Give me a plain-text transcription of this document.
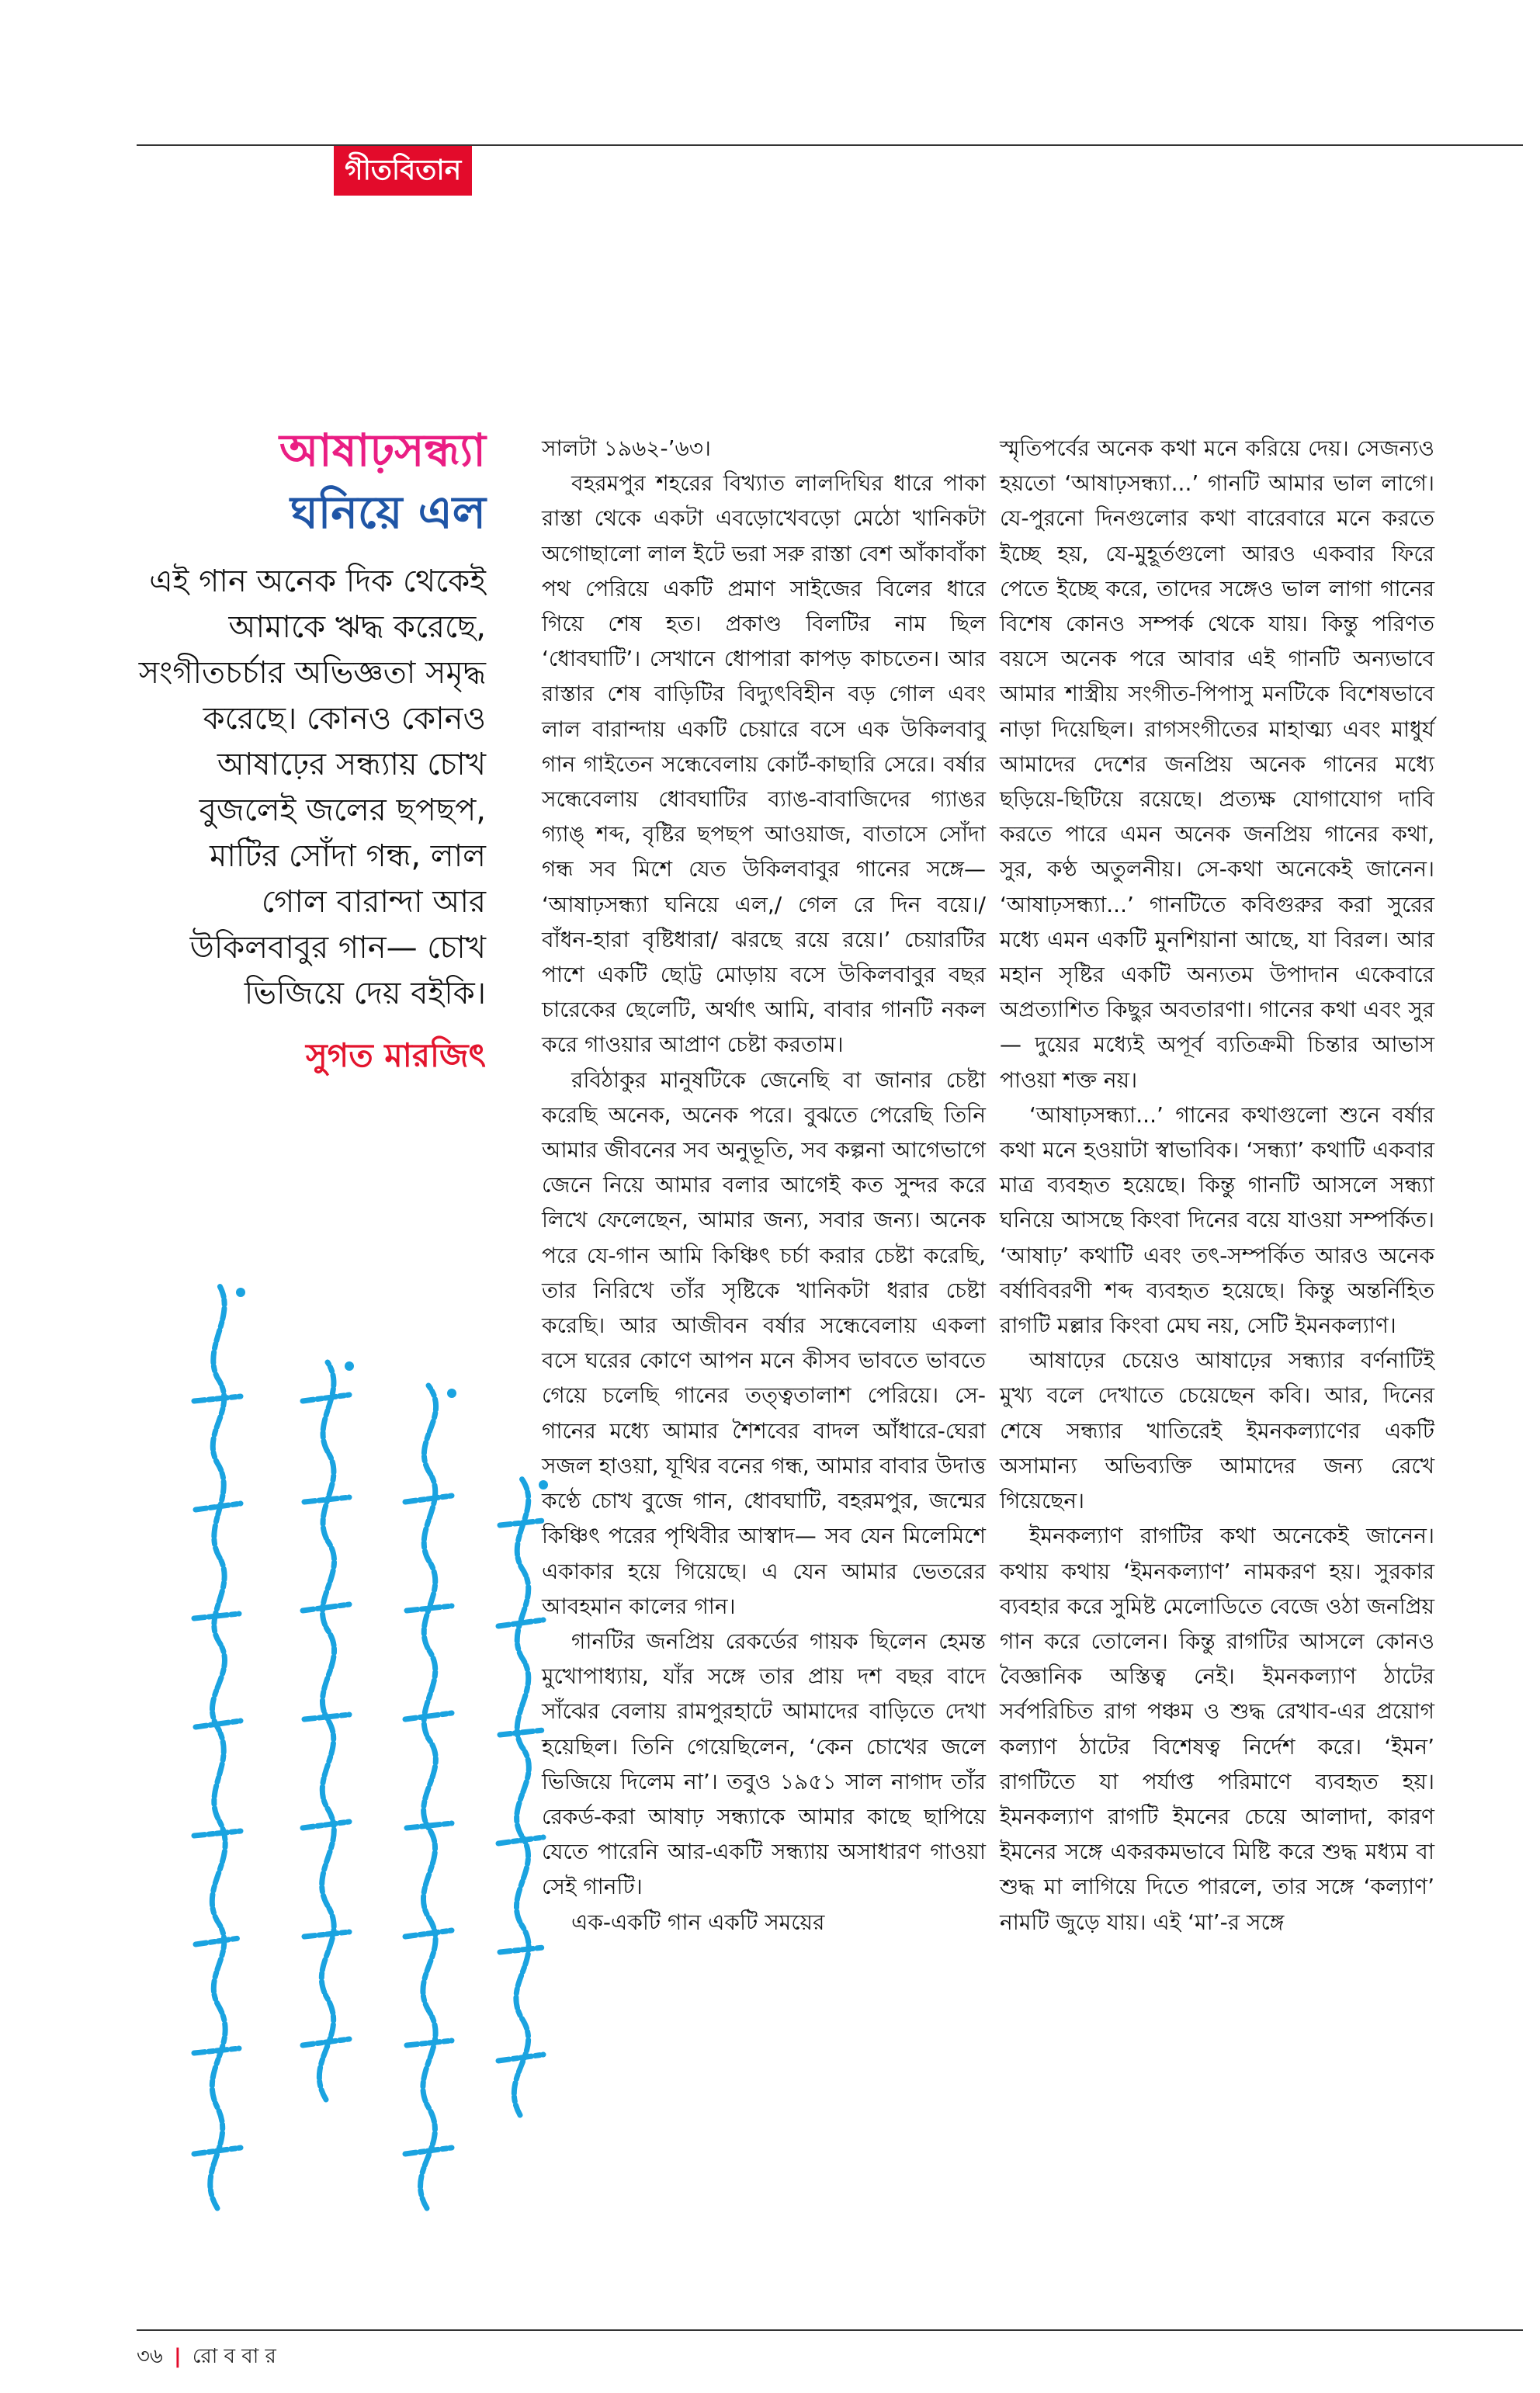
গীতবিতান
আষাঢ়সন্ধ্যা
ঘনিয়ে এল

এই গান অনেক দিক থেকেই আমাকে ঋদ্ধ করেছে, সংগীতচর্চার অভিজ্ঞতা সমৃদ্ধ করেছে। কোনও কোনও আষাঢ়ের সন্ধ্যায় চোখ বুজলেই জলের ছপছপ, মাটির সোঁদা গন্ধ, লাল গোল বারান্দা আর উকিলবাবুর গান— চোখ ভিজিয়ে দেয় বইকি।

সুগত মারজিৎ

সালটা ১৯৬২-’৬৩।

বহরমপুর শহরের বিখ্যাত লালদিঘির ধারে পাকা রাস্তা থেকে একটা এবড়োখেবড়ো মেঠো খানিকটা অগোছালো লাল ইটে ভরা সরু রাস্তা বেশ আঁকাবাঁকা পথ পেরিয়ে একটি প্রমাণ সাইজের বিলের ধারে গিয়ে শেষ হত। প্রকাণ্ড বিলটির নাম ছিল ‘ধোবঘাটি’। সেখানে ধোপারা কাপড় কাচতেন। আর রাস্তার শেষ বাড়িটির বিদ্যুৎবিহীন বড় গোল এবং লাল বারান্দায় একটি চেয়ারে বসে এক উকিলবাবু গান গাইতেন সন্ধেবেলায় কোর্ট-কাছারি সেরে। বর্ষার সন্ধেবেলায় ধোবঘাটির ব্যাঙ-বাবাজিদের গ্যাঙর গ্যাঙ্ শব্দ, বৃষ্টির ছপছপ আওয়াজ, বাতাসে সোঁদা গন্ধ সব মিশে যেত উকিলবাবুর গানের সঙ্গে— ‘আষাঢ়সন্ধ্যা ঘনিয়ে এল,/ গেল রে দিন বয়ে।/ বাঁধন-হারা বৃষ্টিধারা/ ঝরছে রয়ে রয়ে।’ চেয়ারটির পাশে একটি ছোট্ট মোড়ায় বসে উকিলবাবুর বছর চারেকের ছেলেটি, অর্থাৎ আমি, বাবার গানটি নকল করে গাওয়ার আপ্রাণ চেষ্টা করতাম।

রবিঠাকুর মানুষটিকে জেনেছি বা জানার চেষ্টা করেছি অনেক, অনেক পরে। বুঝতে পেরেছি তিনি আমার জীবনের সব অনুভূতি, সব কল্পনা আগেভাগে জেনে নিয়ে আমার বলার আগেই কত সুন্দর করে লিখে ফেলেছেন, আমার জন্য, সবার জন্য। অনেক পরে যে-গান আমি কিঞ্চিৎ চর্চা করার চেষ্টা করেছি, তার নিরিখে তাঁর সৃষ্টিকে খানিকটা ধরার চেষ্টা করেছি। আর আজীবন বর্ষার সন্ধেবেলায় একলা বসে ঘরের কোণে আপন মনে কীসব ভাবতে ভাবতে গেয়ে চলেছি গানের তত্ত্বতালাশ পেরিয়ে। সে-গানের মধ্যে আমার শৈশবের বাদল আঁধারে-ঘেরা সজল হাওয়া, যূথির বনের গন্ধ, আমার বাবার উদাত্ত কণ্ঠে চোখ বুজে গান, ধোবঘাটি, বহরমপুর, জন্মের কিঞ্চিৎ পরের পৃথিবীর আস্বাদ— সব যেন মিলেমিশে একাকার হয়ে গিয়েছে। এ যেন আমার ভেতরের আবহমান কালের গান।

গানটির জনপ্রিয় রেকর্ডের গায়ক ছিলেন হেমন্ত মুখোপাধ্যায়, যাঁর সঙ্গে তার প্রায় দশ বছর বাদে সাঁঝের বেলায় রামপুরহাটে আমাদের বাড়িতে দেখা হয়েছিল। তিনি গেয়েছিলেন, ‘কেন চোখের জলে ভিজিয়ে দিলেম না’। তবুও ১৯৫১ সাল নাগাদ তাঁর রেকর্ড-করা আষাঢ় সন্ধ্যাকে আমার কাছে ছাপিয়ে যেতে পারেনি আর-একটি সন্ধ্যায় অসাধারণ গাওয়া সেই গানটি।

এক-একটি গান একটি সময়ের

স্মৃতিপর্বের অনেক কথা মনে করিয়ে দেয়। সেজন্যও হয়তো ‘আষাঢ়সন্ধ্যা...’ গানটি আমার ভাল লাগে। যে-পুরনো দিনগুলোর কথা বারেবারে মনে করতে ইচ্ছে হয়, যে-মুহূর্তগুলো আরও একবার ফিরে পেতে ইচ্ছে করে, তাদের সঙ্গেও ভাল লাগা গানের বিশেষ কোনও সম্পর্ক থেকে যায়। কিন্তু পরিণত বয়সে অনেক পরে আবার এই গানটি অন্যভাবে আমার শাস্ত্রীয় সংগীত-পিপাসু মনটিকে বিশেষভাবে নাড়া দিয়েছিল। রাগসংগীতের মাহাত্ম্য এবং মাধুর্য আমাদের দেশের জনপ্রিয় অনেক গানের মধ্যে ছড়িয়ে-ছিটিয়ে রয়েছে। প্রত্যক্ষ যোগাযোগ দাবি করতে পারে এমন অনেক জনপ্রিয় গানের কথা, সুর, কণ্ঠ অতুলনীয়। সে-কথা অনেকেই জানেন। ‘আষাঢ়সন্ধ্যা...’ গানটিতে কবিগুরুর করা সুরের মধ্যে এমন একটি মুনশিয়ানা আছে, যা বিরল। আর মহান সৃষ্টির একটি অন্যতম উপাদান একেবারে অপ্রত্যাশিত কিছুর অবতারণা। গানের কথা এবং সুর— দুয়ের মধ্যেই অপূর্ব ব্যতিক্রমী চিন্তার আভাস পাওয়া শক্ত নয়।

‘আষাঢ়সন্ধ্যা...’ গানের কথাগুলো শুনে বর্ষার কথা মনে হওয়াটা স্বাভাবিক। ‘সন্ধ্যা’ কথাটি একবার মাত্র ব্যবহৃত হয়েছে। কিন্তু গানটি আসলে সন্ধ্যা ঘনিয়ে আসছে কিংবা দিনের বয়ে যাওয়া সম্পর্কিত। ‘আষাঢ়’ কথাটি এবং তৎ-সম্পর্কিত আরও অনেক বর্ষাবিবরণী শব্দ ব্যবহৃত হয়েছে। কিন্তু অন্তর্নিহিত রাগটি মল্লার কিংবা মেঘ নয়, সেটি ইমনকল্যাণ।

আষাঢ়ের চেয়েও আষাঢ়ের সন্ধ্যার বর্ণনাটিই মুখ্য বলে দেখাতে চেয়েছেন কবি। আর, দিনের শেষে সন্ধ্যার খাতিরেই ইমনকল্যাণের একটি অসামান্য অভিব্যক্তি আমাদের জন্য রেখে গিয়েছেন।

ইমনকল্যাণ রাগটির কথা অনেকেই জানেন। কথায় কথায় ‘ইমনকল্যাণ’ নামকরণ হয়। সুরকার ব্যবহার করে সুমিষ্ট মেলোডিতে বেজে ওঠা জনপ্রিয় গান করে তোলেন। কিন্তু রাগটির আসলে কোনও বৈজ্ঞানিক অস্তিত্ব নেই। ইমনকল্যাণ ঠাটের সর্বপরিচিত রাগ পঞ্চম ও শুদ্ধ রেখাব-এর প্রয়োগ কল্যাণ ঠাটের বিশেষত্ব নির্দেশ করে। ‘ইমন’ রাগটিতে যা পর্যাপ্ত পরিমাণে ব্যবহৃত হয়। ইমনকল্যাণ রাগটি ইমনের চেয়ে আলাদা, কারণ ইমনের সঙ্গে একরকমভাবে মিষ্টি করে শুদ্ধ মধ্যম বা শুদ্ধ মা লাগিয়ে দিতে পারলে, তার সঙ্গে ‘কল্যাণ’ নামটি জুড়ে যায়। এই ‘মা’-র সঙ্গে

৩৬ | রো ব বা র
